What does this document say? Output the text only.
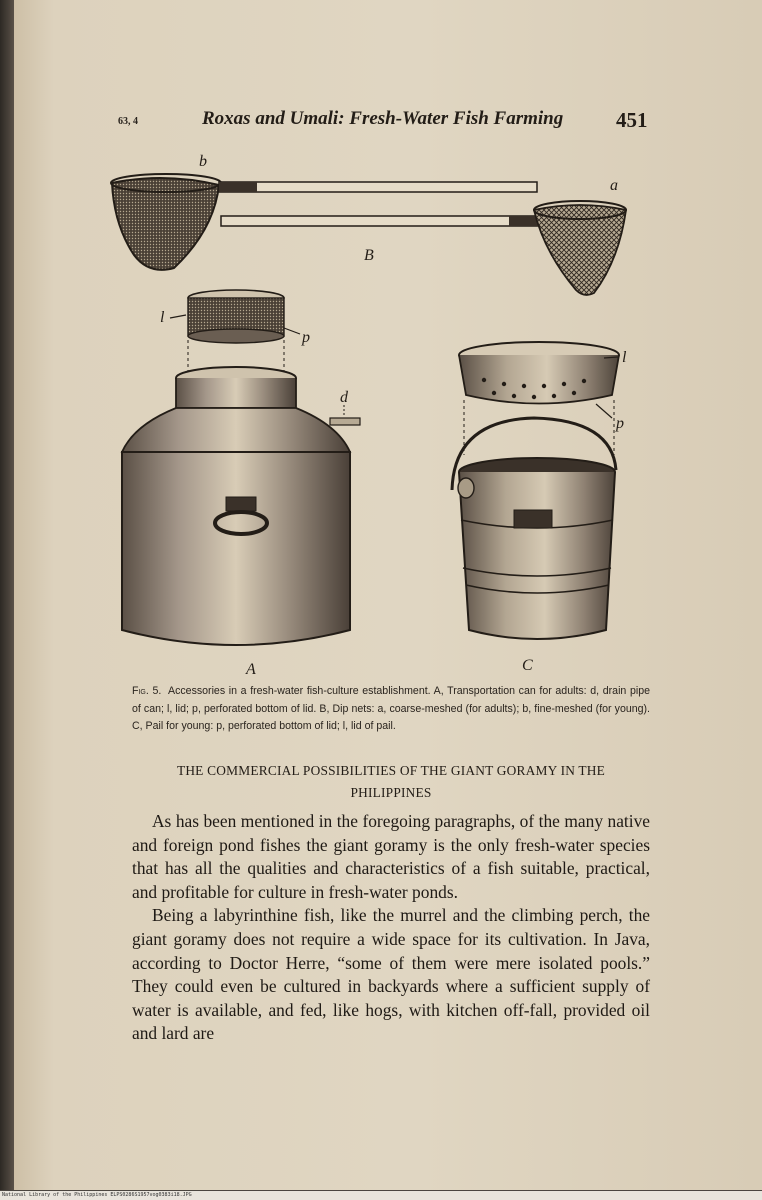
63, 4	Roxas and Umali: Fresh-Water Fish Farming	451
b
a
B
l
p
d
A
l
p
C
Fig. 5. Accessories in a fresh-water fish-culture establishment. A, Transportation can for adults: d, drain pipe of can; l, lid; p, perforated bottom of lid. B, Dip nets: a, coarse-meshed (for adults); b, fine-meshed (for young). C, Pail for young: p, perforated bottom of lid; l, lid of pail.
THE COMMERCIAL POSSIBILITIES OF THE GIANT GORAMY IN THE PHILIPPINES

As has been mentioned in the foregoing paragraphs, of the many native and foreign pond fishes the giant goramy is the only fresh-water species that has all the qualities and characteristics of a fish suitable, practical, and profitable for culture in fresh-water ponds.

Being a labyrinthine fish, like the murrel and the climbing perch, the giant goramy does not require a wide space for its cultivation. In Java, according to Doctor Herre, “some of them were mere isolated pools.” They could even be cultured in backyards where a sufficient supply of water is available, and fed, like hogs, with kitchen off-fall, provided oil and lard are

National Library of the Philippines ELPS0286S1957vog0383i18.JPG
